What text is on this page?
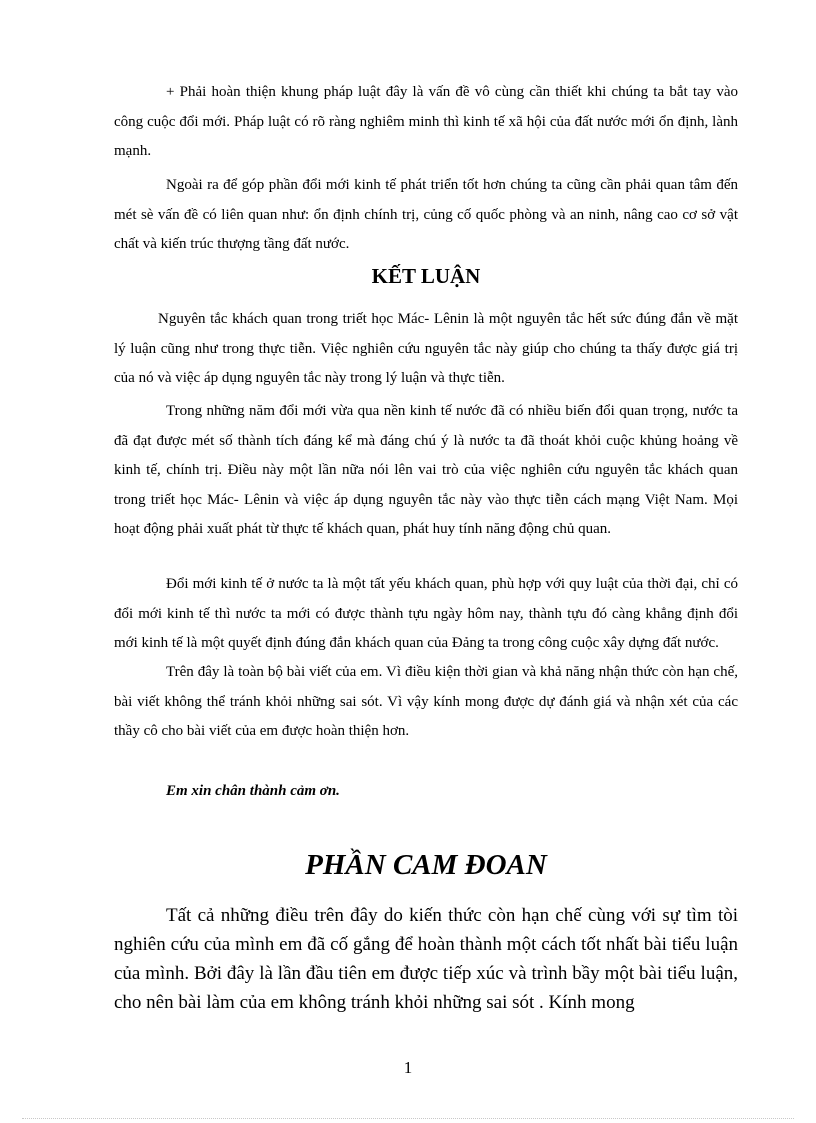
+ Phải hoàn thiện khung pháp luật đây là vấn đề vô cùng cần thiết khi chúng ta bắt tay vào công cuộc đổi mới. Pháp luật có rõ ràng nghiêm minh thì kinh tế xã hội của đất nước mới ổn định, lành mạnh.

Ngoài ra để góp phần đổi mới kinh tế phát triển tốt hơn chúng ta cũng cần phải quan tâm đến mét sè vấn đề có liên quan như: ổn định chính trị, củng cố quốc phòng và an ninh, nâng cao cơ sở vật chất và kiến trúc thượng tầng đất nước.

KẾT LUẬN

Nguyên tắc khách quan trong triết học Mác- Lênin là một nguyên tắc hết sức đúng đắn về mặt lý luận cũng như trong thực tiễn. Việc nghiên cứu nguyên tắc này giúp cho chúng ta thấy được giá trị của nó và việc áp dụng nguyên tắc này trong lý luận và thực tiễn.

Trong những năm đổi mới vừa qua nền kinh tế nước đã có nhiều biến đổi quan trọng, nước ta đã đạt được mét số thành tích đáng kể mà đáng chú ý là nước ta đã thoát khỏi cuộc khủng hoảng về kinh tế, chính trị. Điều này một lần nữa nói lên vai trò của việc nghiên cứu nguyên tắc khách quan trong triết học Mác- Lênin và việc áp dụng nguyên tắc này vào thực tiễn cách mạng Việt Nam. Mọi hoạt động phải xuất phát từ thực tế khách quan, phát huy tính năng động chủ quan.

Đổi mới kinh tế ở nước ta là một tất yếu khách quan, phù hợp với quy luật của thời đại, chỉ có đổi mới kinh tế thì nước ta mới có được thành tựu ngày hôm nay, thành tựu đó càng khẳng định đổi mới kinh tế là một quyết định đúng đắn khách quan của Đảng ta trong công cuộc xây dựng đất nước.

Trên đây là toàn bộ bài viết của em. Vì điều kiện thời gian và khả năng nhận thức còn hạn chế, bài viết không thể tránh khỏi những sai sót. Vì vậy kính mong được dự đánh giá và nhận xét của các thầy cô cho bài viết của em được hoàn thiện hơn.

Em xin chân thành cảm ơn.

PHẦN CAM ĐOAN

Tất cả những điều trên đây do kiến thức còn hạn chế cùng với sự tìm tòi nghiên cứu của mình em đã cố gắng để hoàn thành một cách tốt nhất bài tiểu luận của mình. Bởi đây là lần đầu tiên em được tiếp xúc và trình bầy một bài tiểu luận, cho nên bài làm của em không tránh khỏi những sai sót . Kính mong

1
